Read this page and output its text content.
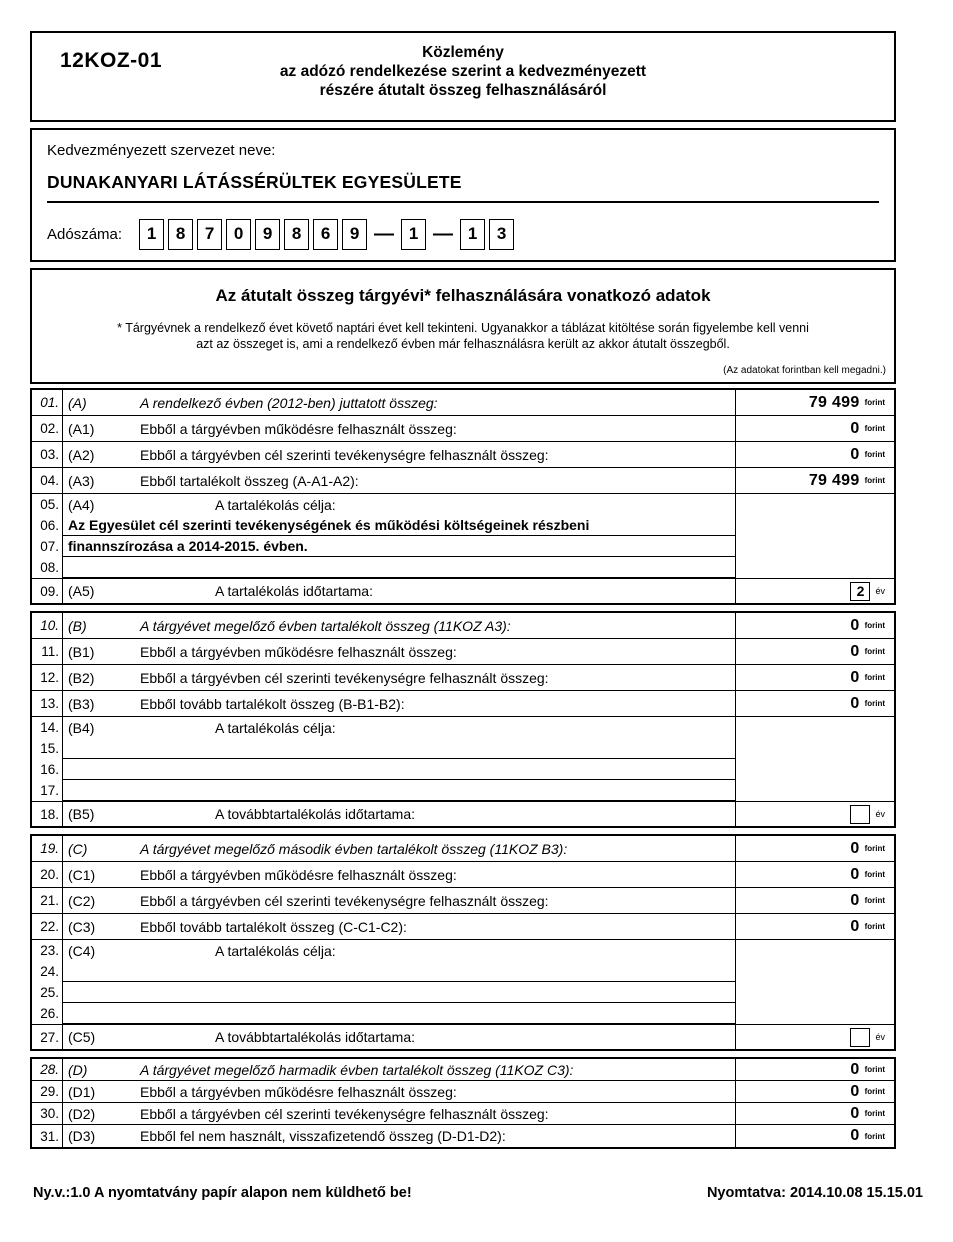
12KOZ-01	Közlemény
az adózó rendelkezése szerint a kedvezményezett
részére átutalt összeg felhasználásáról
Kedvezményezett szervezet neve:
DUNAKANYARI LÁTÁSSÉRÜLTEK EGYESÜLETE
Adószáma:	1	8	7	0	9	8	6	9 — 1 — 1	3
Az átutalt összeg tárgyévi* felhasználására vonatkozó adatok
* Tárgyévnek a rendelkező évet követő naptári évet kell tekinteni. Ugyanakkor a táblázat kitöltése során figyelembe kell venni
azt az összeget is, ami a rendelkező évben már felhasználásra került az akkor átutalt összegből.
(Az adatokat forintban kell megadni.)
01. (A)	A rendelkező évben (2012-ben) juttatott összeg:	79 499 forint
02. (A1)	Ebből a tárgyévben működésre felhasznált összeg:	0 forint
03. (A2)	Ebből a tárgyévben cél szerinti tevékenységre felhasznált összeg:	0 forint
04. (A3)	Ebből tartalékolt összeg (A-A1-A2):	79 499 forint
05. (A4)	A tartalékolás célja:
06. Az Egyesület cél szerinti tevékenységének és működési költségeinek részbeni
07. finannszírozása a 2014-2015. évben.
08.
09. (A5)	A tartalékolás időtartama:	2	év
10. (B)	A tárgyévet megelőző évben tartalékolt összeg (11KOZ A3):	0 forint
11. (B1)	Ebből a tárgyévben működésre felhasznált összeg:	0 forint
12. (B2)	Ebből a tárgyévben cél szerinti tevékenységre felhasznált összeg:	0 forint
13. (B3)	Ebből tovább tartalékolt összeg (B-B1-B2):	0 forint
14. (B4)	A tartalékolás célja:
15.
16.
17.
18. (B5)	A továbbtartalékolás időtartama:	év
19. (C)	A tárgyévet megelőző második évben tartalékolt összeg (11KOZ B3):	0 forint
20. (C1)	Ebből a tárgyévben működésre felhasznált összeg:	0 forint
21. (C2)	Ebből a tárgyévben cél szerinti tevékenységre felhasznált összeg:	0 forint
22. (C3)	Ebből tovább tartalékolt összeg (C-C1-C2):	0 forint
23. (C4)	A tartalékolás célja:
24.
25.
26.
27. (C5)	A továbbtartalékolás időtartama:	év
28. (D)	A tárgyévet megelőző harmadik évben tartalékolt összeg (11KOZ C3):	0 forint
29. (D1)	Ebből a tárgyévben működésre felhasznált összeg:	0 forint
30. (D2)	Ebből a tárgyévben cél szerinti tevékenységre felhasznált összeg:	0 forint
31. (D3)	Ebből fel nem használt, visszafizetendő összeg (D-D1-D2):	0 forint
Ny.v.:1.0 A nyomtatvány papír alapon nem küldhető be!	Nyomtatva: 2014.10.08 15.15.01
